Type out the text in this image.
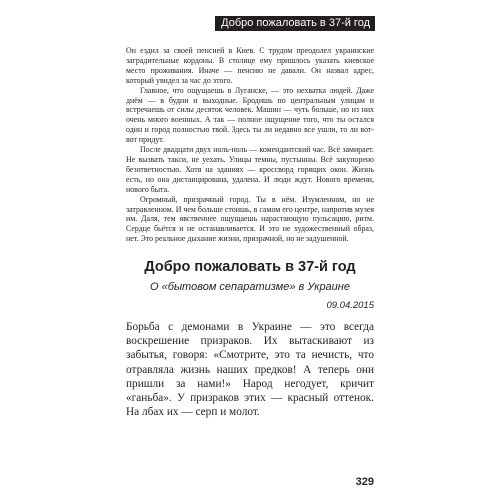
Добро пожаловать в 37-й год

Он ездил за своей пенсией в Киев. С трудом преодолел украинские заградительные кордоны. В столице ему пришлось указать киевское место проживания. Иначе — пенсию не давали. Он назвал адрес, который увидел за час до этого.

Главное, что ощущаешь в Луганске, — это нехватка людей. Даже днём — в будни и выходные. Бродишь по центральным улицам и встречаешь от силы десяток человек. Машин — чуть больше, но из них очень много военных. А так — полное ощущение того, что ты остался один и город полностью твой. Здесь ты ли недавно все ушли, то ли вот-вот придут.

После двадцати двух ноль-ноль — комендантский час. Всё замирает. Не вызвать такси, не уехать. Улицы темны, пустынны. Всё закупорено безответностью. Хотя на зданиях — кроссворд горящих окон. Жизнь есть, но она дистанцирована, удалена. И люди ждут. Нового времени, нового быта.

Огромный, призрачный город. Ты в нём. Изумленном, но не затравленном. И чем больше стоишь, в самом его центре, напротив музея им. Даля, тем явственнее ощущаешь нарастающую пульсацию, ритм. Сердце бьётся и не останавливается. И это не художественный образ, нет. Это реальное дыхание жизни, призрачной, но не задушенной.

Добро пожаловать в 37-й год
О «бытовом сепаратизме» в Украине
09.04.2015

Борьба с демонами в Украине — это всегда воскрешение призраков. Их вытаскивают из забытья, говоря: «Смотрите, это та нечисть, что отравляла жизнь наших предков! А теперь они пришли за нами!» Народ негодует, кричит «ганьба». У призраков этих — красный оттенок. На лбах их — серп и молот.

329
